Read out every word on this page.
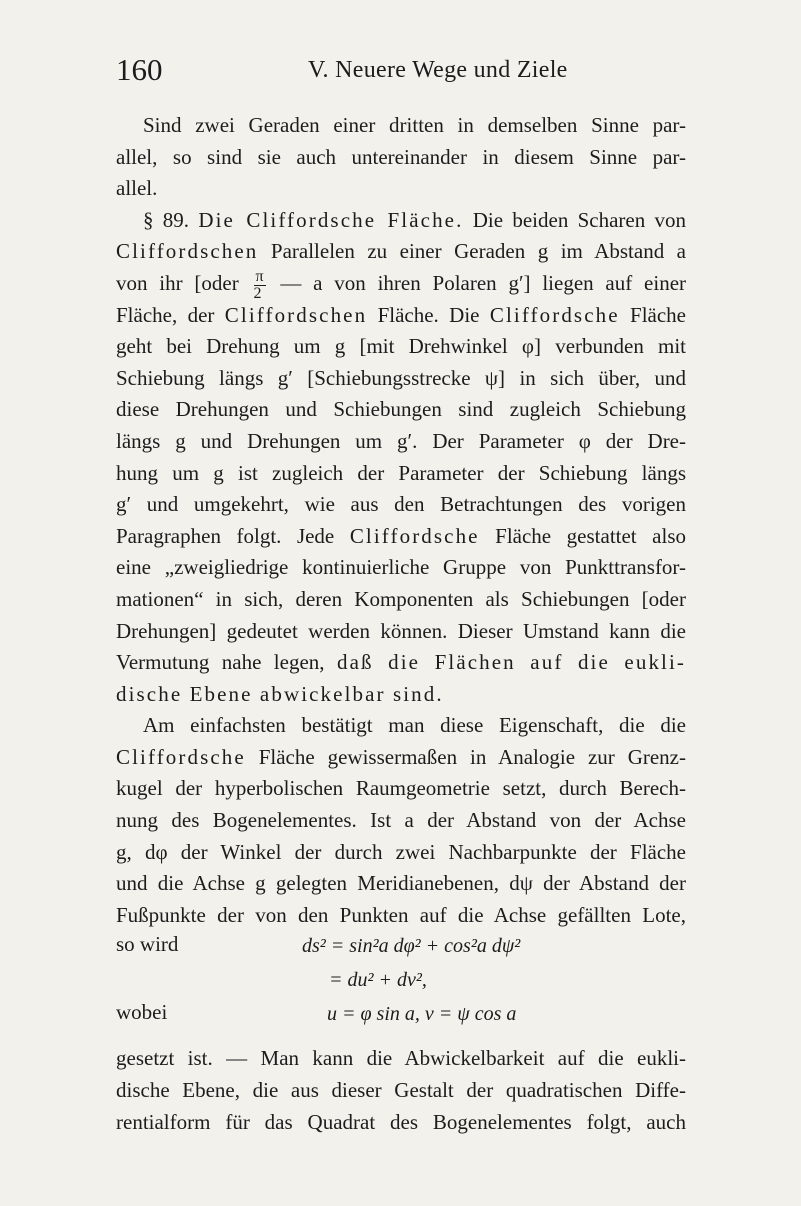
160	V. Neuere Wege und Ziele
Sind zwei Geraden einer dritten in demselben Sinne par-
allel, so sind sie auch untereinander in diesem Sinne par-
allel.
§ 89. Die Cliffordsche Fläche. Die beiden Scharen von
Cliffordschen Parallelen zu einer Geraden g im Abstand a
von ihr [oder $\frac{\pi}{2}$ — a von ihren Polaren g′] liegen auf einer
Fläche, der Cliffordschen Fläche. Die Cliffordsche Fläche
geht bei Drehung um g [mit Drehwinkel φ] verbunden mit
Schiebung längs g′ [Schiebungsstrecke ψ] in sich über, und
diese Drehungen und Schiebungen sind zugleich Schiebung
längs g und Drehungen um g′. Der Parameter φ der Dre-
hung um g ist zugleich der Parameter der Schiebung längs
g′ und umgekehrt, wie aus den Betrachtungen des vorigen
Paragraphen folgt. Jede Cliffordsche Fläche gestattet also
eine „zweigliedrige kontinuierliche Gruppe von Punkttransfor-
mationen“ in sich, deren Komponenten als Schiebungen [oder
Drehungen] gedeutet werden können. Dieser Umstand kann die
Vermutung nahe legen, daß die Flächen auf die eukli-
dische Ebene abwickelbar sind.
Am einfachsten bestätigt man diese Eigenschaft, die die
Cliffordsche Fläche gewissermaßen in Analogie zur Grenz-
kugel der hyperbolischen Raumgeometrie setzt, durch Berech-
nung des Bogenelementes. Ist a der Abstand von der Achse
g, dφ der Winkel der durch zwei Nachbarpunkte der Fläche
und die Achse g gelegten Meridianebenen, dψ der Abstand der
Fußpunkte der von den Punkten auf die Achse gefällten Lote,
so wird	ds² = sin²a dφ² + cos²a dψ²
= du² + dv²,
wobei	u = φ sin a, v = ψ cos a
gesetzt ist. — Man kann die Abwickelbarkeit auf die eukli-
dische Ebene, die aus dieser Gestalt der quadratischen Diffe-
rentialform für das Quadrat des Bogenelementes folgt, auch
